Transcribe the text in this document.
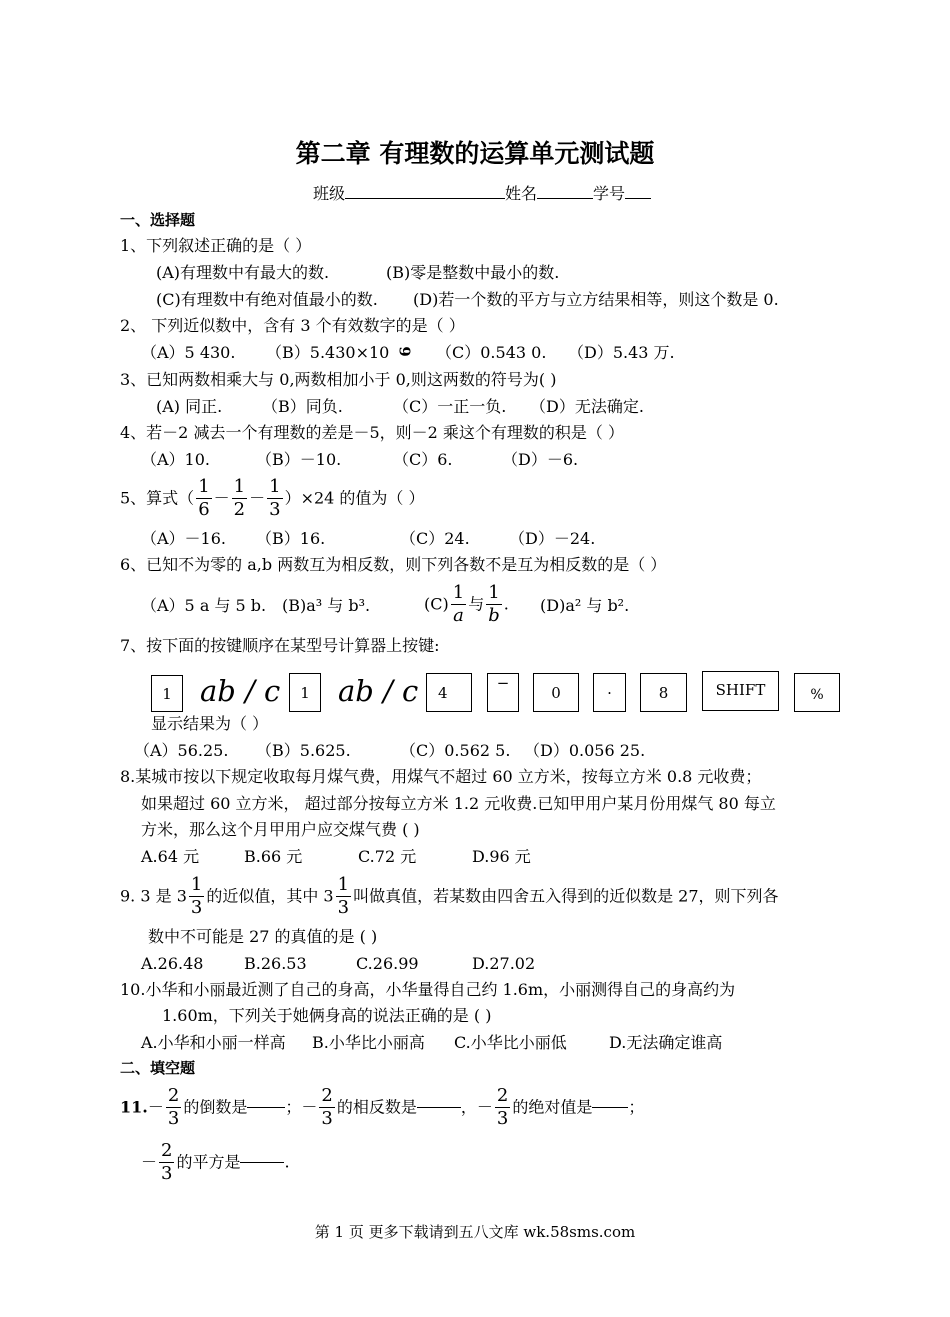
第二章 有理数的运算单元测试题
班级	姓名	学号
一、选择题
1、下列叙述正确的是（ ）
(A)有理数中有最大的数.	(B)零是整数中最小的数.
(C)有理数中有绝对值最小的数. (D)若一个数的平方与立方结果相等，则这个数是 0.
2、 下列近似数中，含有 3 个有效数字的是（ ）
（A）5 430. （B）5.430×10 6 （C）0.543 0. （D）5.43 万.
3、已知两数相乘大与 0,两数相加小于 0,则这两数的符号为( )
(A) 同正. （B）同负.	（C）一正一负. （D）无法确定.
4、若－2 减去一个有理数的差是－5，则－2 乘这个有理数的积是（ ）
（A）10.	（B）－10.	（C）6.	（D）－6.
5、算式（ $\frac{1}{6} - \frac{1}{2} - \frac{1}{3} )\times 24$ 的值为（ ）
（A）－16. （B）16.	（C）24. （D）－24.
6、已知不为零的 a,b 两数互为相反数，则下列各数不是互为相反数的是（ ）
（A）5 a 与 5 b. (B)a³ 与 b³.	$(C) \frac{1}{a}$ 与 $\frac{1}{b}$ . (D)a² 与 b².
7、按下面的按键顺序在某型号计算器上按键:
1 ab / c	1 ab / c	4
−
0	·	8	SHIFT	%
显示结果为（ ）
（A）56.25. （B）5.625.	（C）0.562 5. （D）0.056 25.
8.某城市按以下规定收取每月煤气费，用煤气不超过 60 立方米，按每立方米 0.8 元收费；
如果超过 60 立方米， 超过部分按每立方米 1.2 元收费.已知甲用户某月份用煤气 80 每立
方米，那么这个月甲用户应交煤气费 ( )
A.64 元	B.66 元	C.72 元	D.96 元
9. 3 是 $3 \frac{1}{3}$ 的近似值，其中 $3 \frac{1}{3}$ 叫做真值，若某数由四舍五入得到的近似数是 27，则下列各
数中不可能是 27 的真值的是 ( )
A.26.48	B.26.53	C.26.99	D.27.02
10.小华和小丽最近测了自己的身高，小华量得自己约 1.6m，小丽测得自己的身高约为
1.60m，下列关于她俩身高的说法正确的是 ( )
A.小华和小丽一样高 B.小华比小丽高 C.小华比小丽低	D.无法确定谁高
二、填空题
$11.- \frac{2}{3}$ 的倒数是 ；－ $\frac{2}{3}$ 的相反数是	，－ $\frac{2}{3}$ 的绝对值是 ；
－ $\frac{2}{3}$ 的平方是	.
第 1 页 更多下载请到五八文库 wk.58sms.com
